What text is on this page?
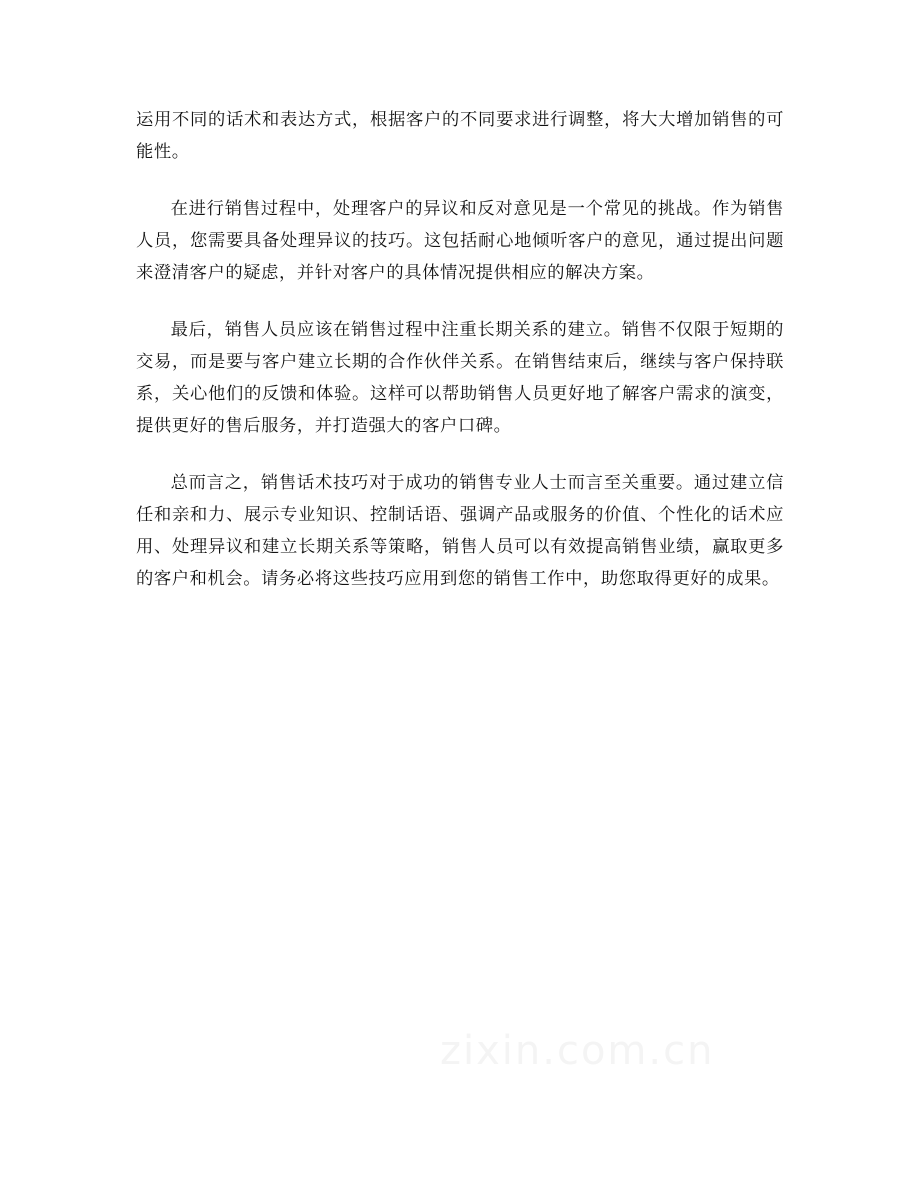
运用不同的话术和表达方式，根据客户的不同要求进行调整，将大大增加销售的可能性。

在进行销售过程中，处理客户的异议和反对意见是一个常见的挑战。作为销售人员，您需要具备处理异议的技巧。这包括耐心地倾听客户的意见，通过提出问题来澄清客户的疑虑，并针对客户的具体情况提供相应的解决方案。

最后，销售人员应该在销售过程中注重长期关系的建立。销售不仅限于短期的交易，而是要与客户建立长期的合作伙伴关系。在销售结束后，继续与客户保持联系，关心他们的反馈和体验。这样可以帮助销售人员更好地了解客户需求的演变，提供更好的售后服务，并打造强大的客户口碑。

总而言之，销售话术技巧对于成功的销售专业人士而言至关重要。通过建立信任和亲和力、展示专业知识、控制话语、强调产品或服务的价值、个性化的话术应用、处理异议和建立长期关系等策略，销售人员可以有效提高销售业绩，赢取更多的客户和机会。请务必将这些技巧应用到您的销售工作中，助您取得更好的成果。

zixin.com.cn
